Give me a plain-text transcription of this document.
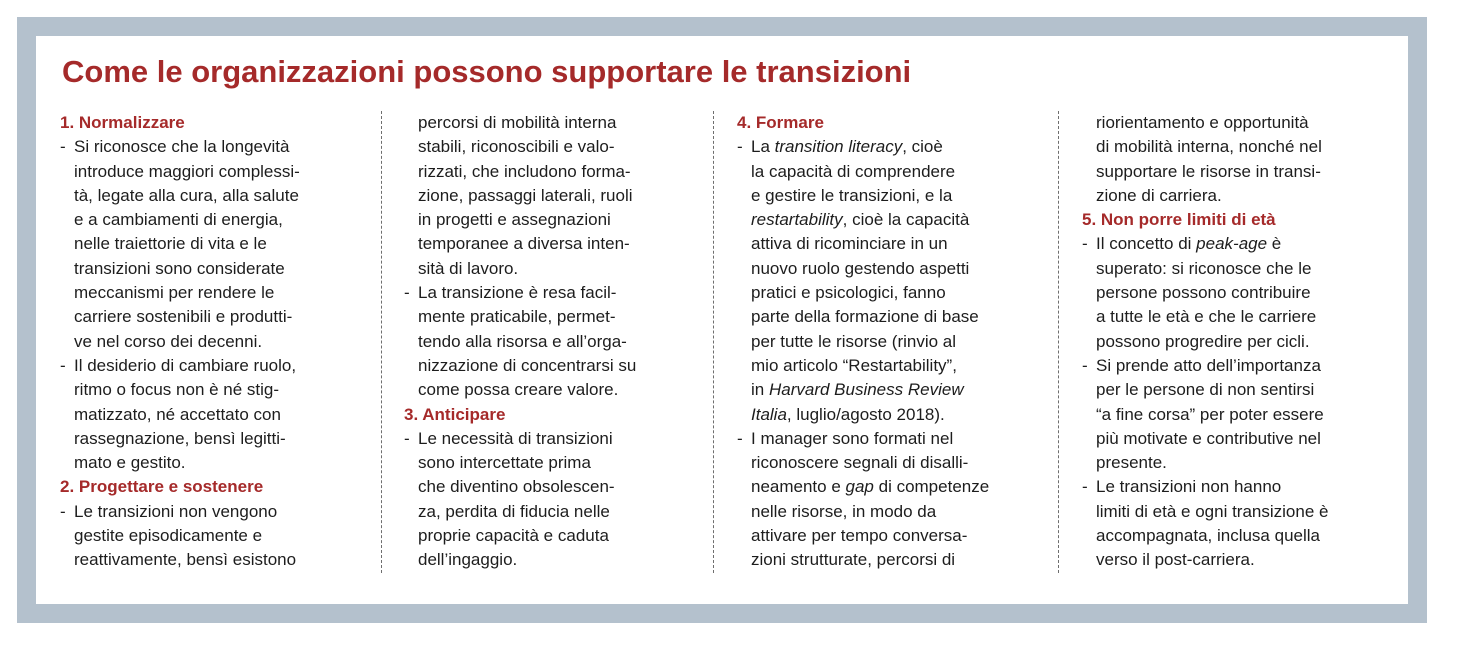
Come le organizzazioni possono supportare le transizioni
1. Normalizzare
- Si riconosce che la longevità
introduce maggiori complessi-
tà, legate alla cura, alla salute
e a cambiamenti di energia,
nelle traiettorie di vita e le
transizioni sono considerate
meccanismi per rendere le
carriere sostenibili e produtti-
ve nel corso dei decenni.
- Il desiderio di cambiare ruolo,
ritmo o focus non è né stig-
matizzato, né accettato con
rassegnazione, bensì legitti-
mato e gestito.
2. Progettare e sostenere
- Le transizioni non vengono
gestite episodicamente e
reattivamente, bensì esistono
percorsi di mobilità interna
stabili, riconoscibili e valo-
rizzati, che includono forma-
zione, passaggi laterali, ruoli
in progetti e assegnazioni
temporanee a diversa inten-
sità di lavoro.
- La transizione è resa facil-
mente praticabile, permet-
tendo alla risorsa e all’orga-
nizzazione di concentrarsi su
come possa creare valore.
3. Anticipare
- Le necessità di transizioni
sono intercettate prima
che diventino obsolescen-
za, perdita di fiducia nelle
proprie capacità e caduta
dell’ingaggio.
4. Formare
- La transition literacy, cioè
la capacità di comprendere
e gestire le transizioni, e la
restartability, cioè la capacità
attiva di ricominciare in un
nuovo ruolo gestendo aspetti
pratici e psicologici, fanno
parte della formazione di base
per tutte le risorse (rinvio al
mio articolo “Restartability”,
in Harvard Business Review
Italia, luglio/agosto 2018).
- I manager sono formati nel
riconoscere segnali di disalli-
neamento e gap di competenze
nelle risorse, in modo da
attivare per tempo conversa-
zioni strutturate, percorsi di
riorientamento e opportunità
di mobilità interna, nonché nel
supportare le risorse in transi-
zione di carriera.
5. Non porre limiti di età
- Il concetto di peak-age è
superato: si riconosce che le
persone possono contribuire
a tutte le età e che le carriere
possono progredire per cicli.
- Si prende atto dell’importanza
per le persone di non sentirsi
“a fine corsa” per poter essere
più motivate e contributive nel
presente.
- Le transizioni non hanno
limiti di età e ogni transizione è
accompagnata, inclusa quella
verso il post-carriera.
